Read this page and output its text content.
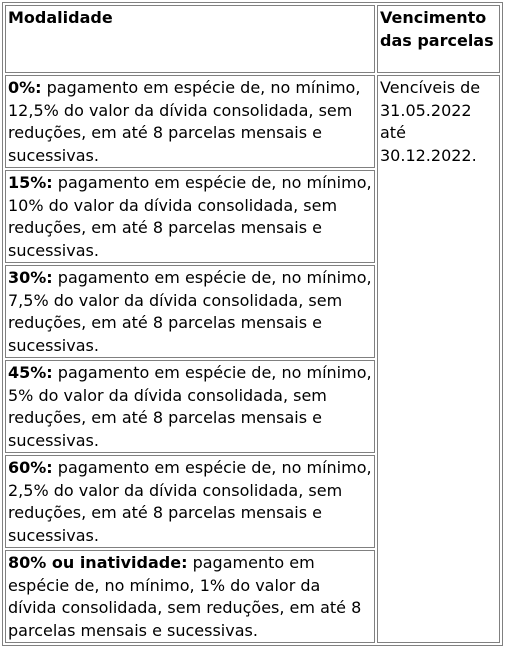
Modalidade	Vencimento das parcelas
0%: pagamento em espécie de, no mínimo, 12,5% do valor da dívida consolidada, sem reduções, em até 8 parcelas mensais e sucessivas.	Vencíveis de 31.05.2022 até 30.12.2022.
15%: pagamento em espécie de, no mínimo, 10% do valor da dívida consolidada, sem reduções, em até 8 parcelas mensais e sucessivas.	
30%: pagamento em espécie de, no mínimo, 7,5% do valor da dívida consolidada, sem reduções, em até 8 parcelas mensais e sucessivas.	
45%: pagamento em espécie de, no mínimo, 5% do valor da dívida consolidada, sem reduções, em até 8 parcelas mensais e sucessivas.	
60%: pagamento em espécie de, no mínimo, 2,5% do valor da dívida consolidada, sem reduções, em até 8 parcelas mensais e sucessivas.	
80% ou inatividade: pagamento em espécie de, no mínimo, 1% do valor da dívida consolidada, sem reduções, em até 8 parcelas mensais e sucessivas.	
